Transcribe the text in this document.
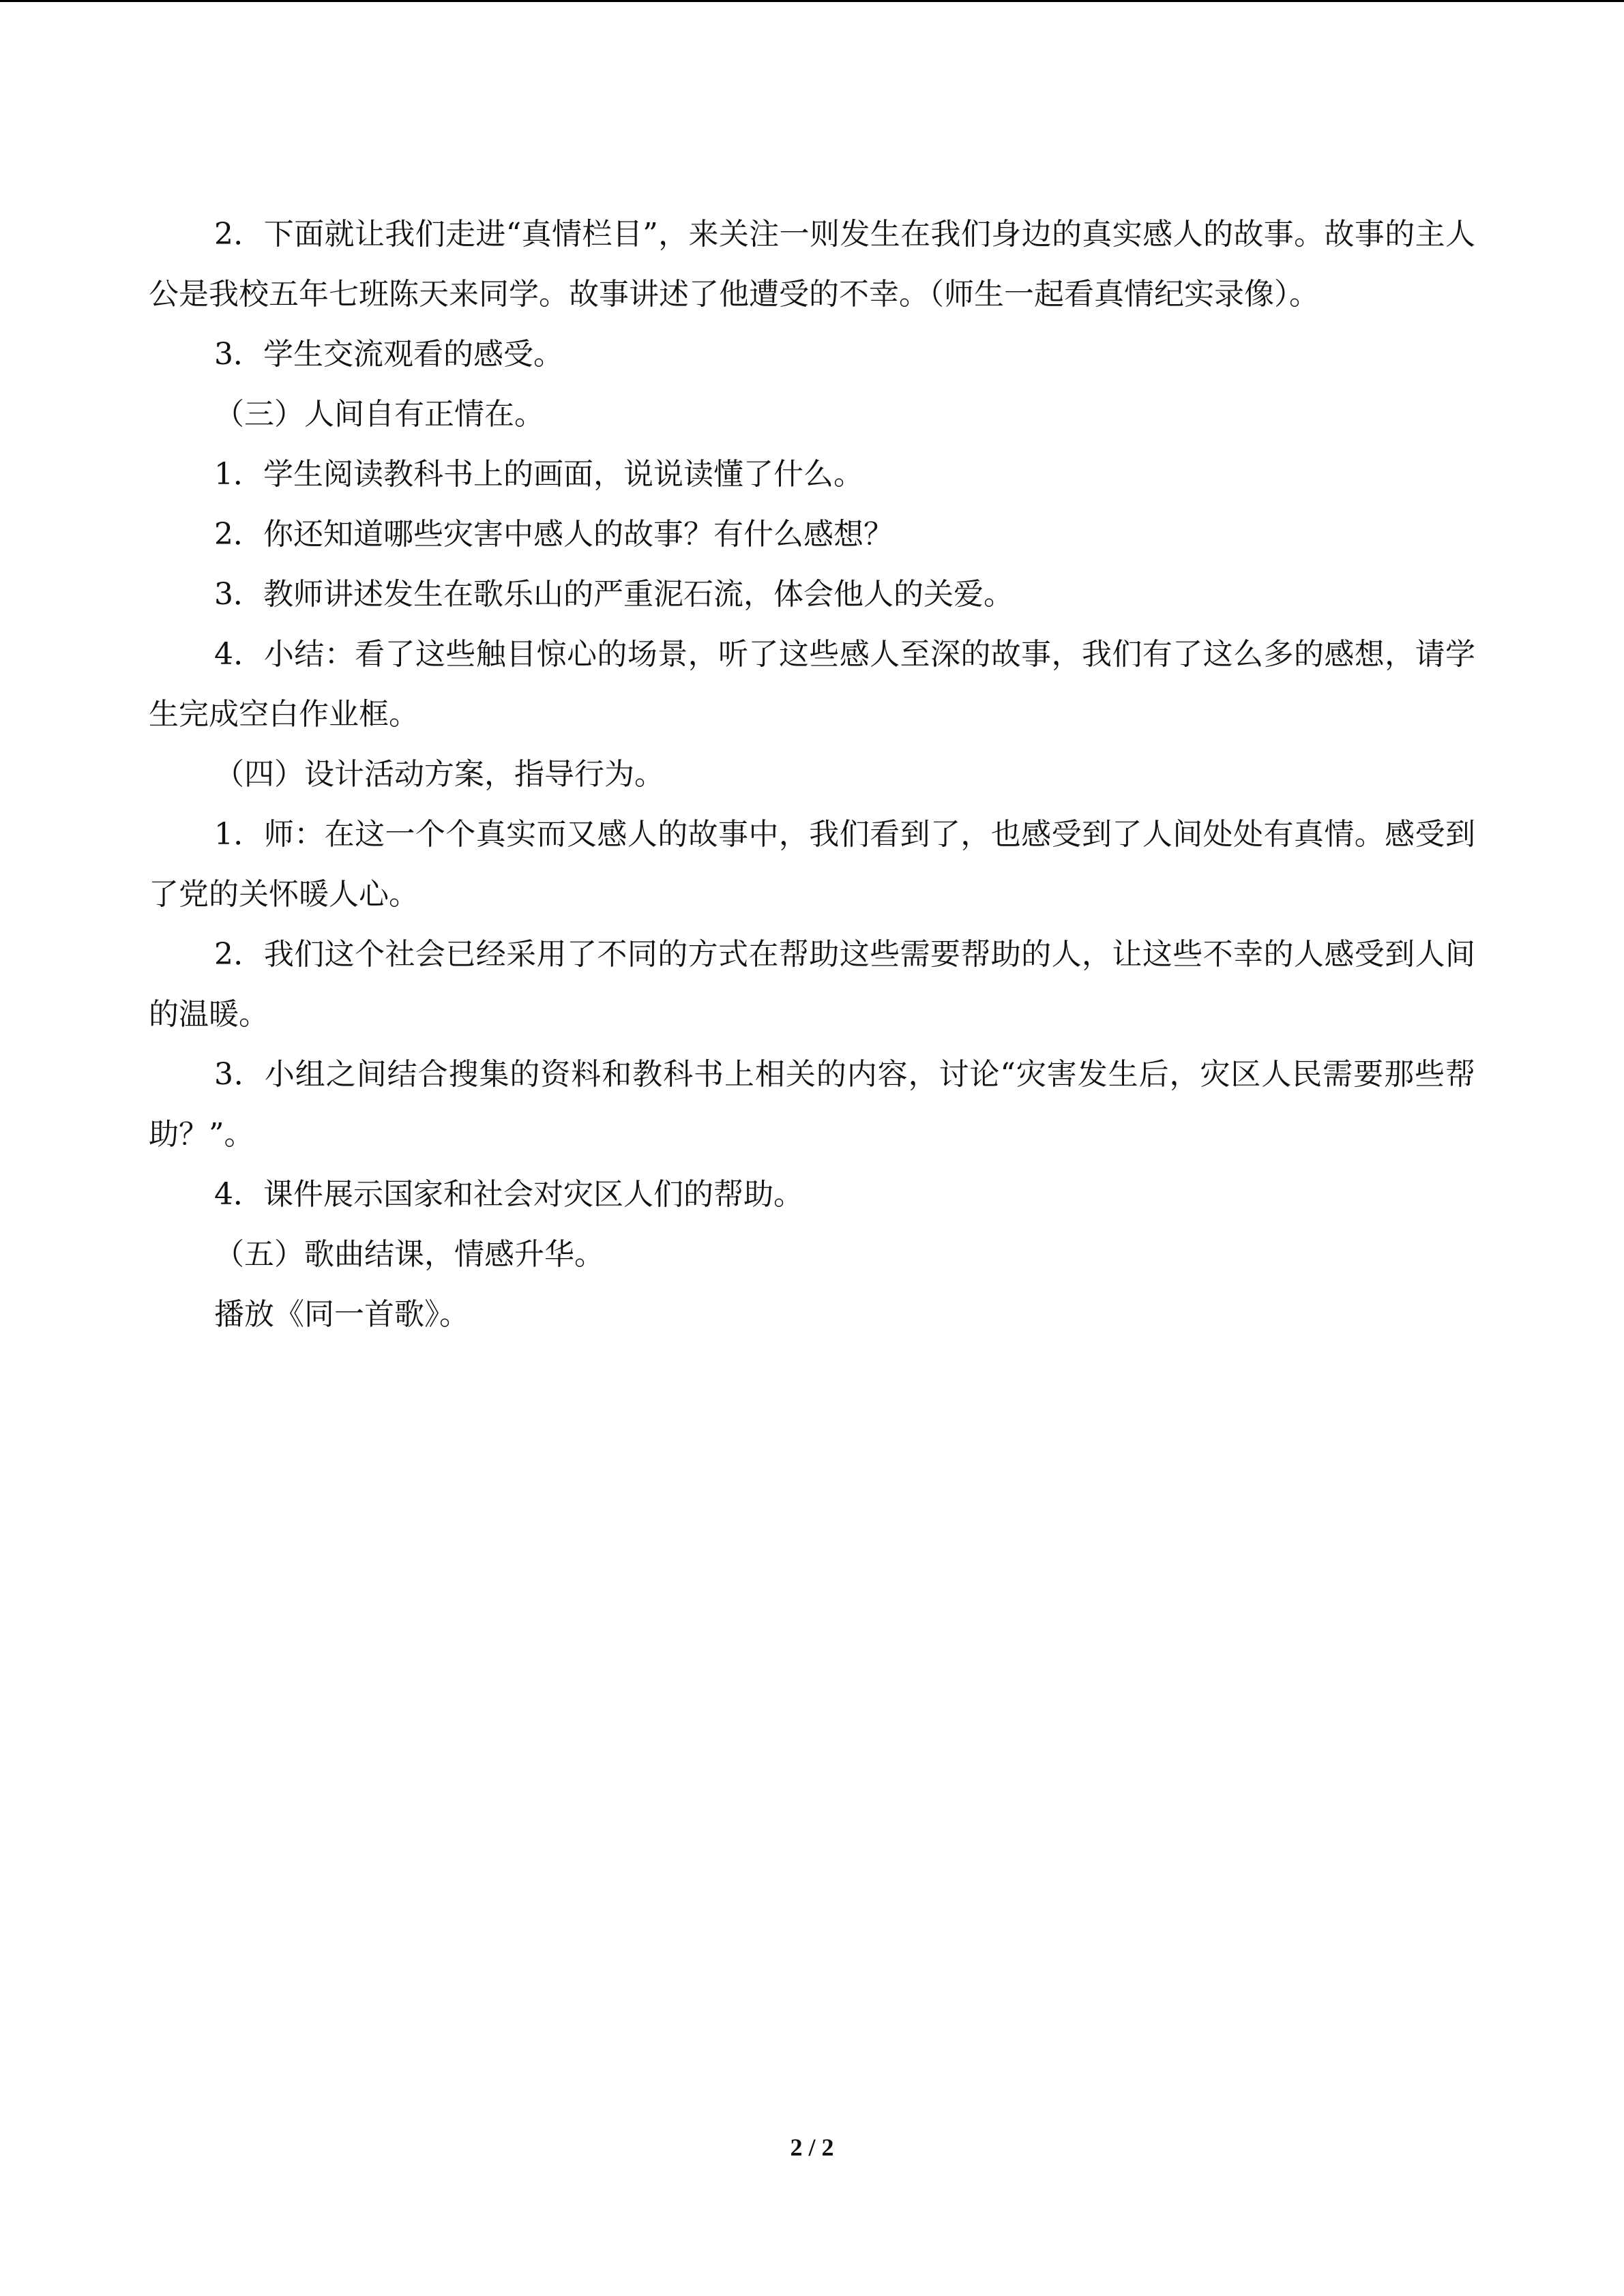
2．下面就让我们走进“真情栏目”，来关注一则发生在我们身边的真实感人的故事。故事的主人公是我校五年七班陈天来同学。故事讲述了他遭受的不幸。（师生一起看真情纪实录像）。

3．学生交流观看的感受。

（三）人间自有正情在。

1．学生阅读教科书上的画面，说说读懂了什么。

2．你还知道哪些灾害中感人的故事？有什么感想？

3．教师讲述发生在歌乐山的严重泥石流，体会他人的关爱。

4．小结：看了这些触目惊心的场景，听了这些感人至深的故事，我们有了这么多的感想，请学生完成空白作业框。

（四）设计活动方案，指导行为。

1．师：在这一个个真实而又感人的故事中，我们看到了，也感受到了人间处处有真情。感受到了党的关怀暖人心。

2．我们这个社会已经采用了不同的方式在帮助这些需要帮助的人，让这些不幸的人感受到人间的温暖。

3．小组之间结合搜集的资料和教科书上相关的内容，讨论“灾害发生后，灾区人民需要那些帮助？”。

4．课件展示国家和社会对灾区人们的帮助。

（五）歌曲结课，情感升华。

播放《同一首歌》。

2 / 2
